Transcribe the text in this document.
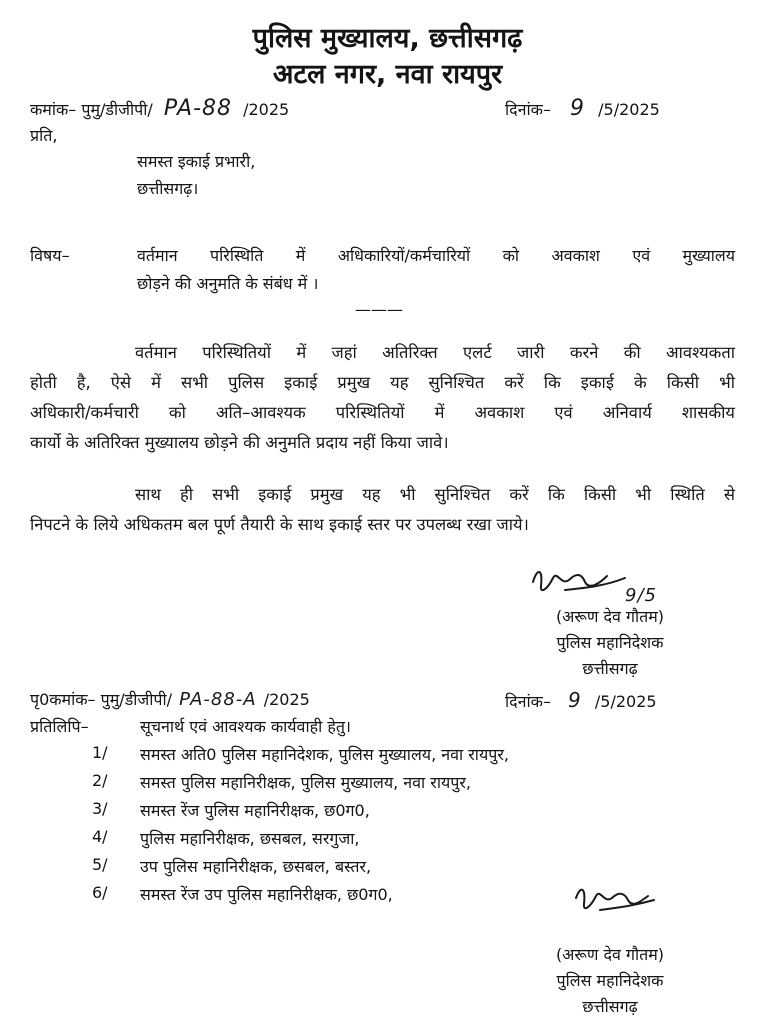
पुलिस मुख्यालय, छत्तीसगढ़
अटल नगर, नवा रायपुर
कमांक– पुमु/डीजीपी/ PA-88 /2025	दिनांक– 9 /5/2025
प्रति,
समस्त इकाई प्रभारी,
छत्तीसगढ़।
विषय–	वर्तमान परिस्थिति में अधिकारियों/कर्मचारियों को अवकाश एवं मुख्यालय
छोड़ने की अनुमति के संबंध में ।
———
वर्तमान परिस्थितियों में जहां अतिरिक्त एलर्ट जारी करने की आवश्यकता
होती है, ऐसे में सभी पुलिस इकाई प्रमुख यह सुनिश्चित करें कि इकाई के किसी भी
अधिकारी/कर्मचारी को अति–आवश्यक परिस्थितियों में अवकाश एवं अनिवार्य शासकीय
कार्यो के अतिरिक्त मुख्यालय छोड़ने की अनुमति प्रदाय नहीं किया जावे।
साथ ही सभी इकाई प्रमुख यह भी सुनिश्चित करें कि किसी भी स्थिति से
निपटने के लिये अधिकतम बल पूर्ण तैयारी के साथ इकाई स्तर पर उपलब्ध रखा जाये।
9/5
(अरूण देव गौतम)
पुलिस महानिदेशक
छत्तीसगढ़
पृ0कमांक– पुमु/डीजीपी/ PA-88-A /2025	दिनांक– 9 /5/2025
प्रतिलिपि–	सूचनार्थ एवं आवश्यक कार्यवाही हेतु।
1/ समस्त अति0 पुलिस महानिदेशक, पुलिस मुख्यालय, नवा रायपुर,
2/ समस्त पुलिस महानिरीक्षक, पुलिस मुख्यालय, नवा रायपुर,
3/ समस्त रेंज पुलिस महानिरीक्षक, छ0ग0,
4/ पुलिस महानिरीक्षक, छसबल, सरगुजा,
5/ उप पुलिस महानिरीक्षक, छसबल, बस्तर,
6/ समस्त रेंज उप पुलिस महानिरीक्षक, छ0ग0,
(अरूण देव गौतम)
पुलिस महानिदेशक
छत्तीसगढ़
